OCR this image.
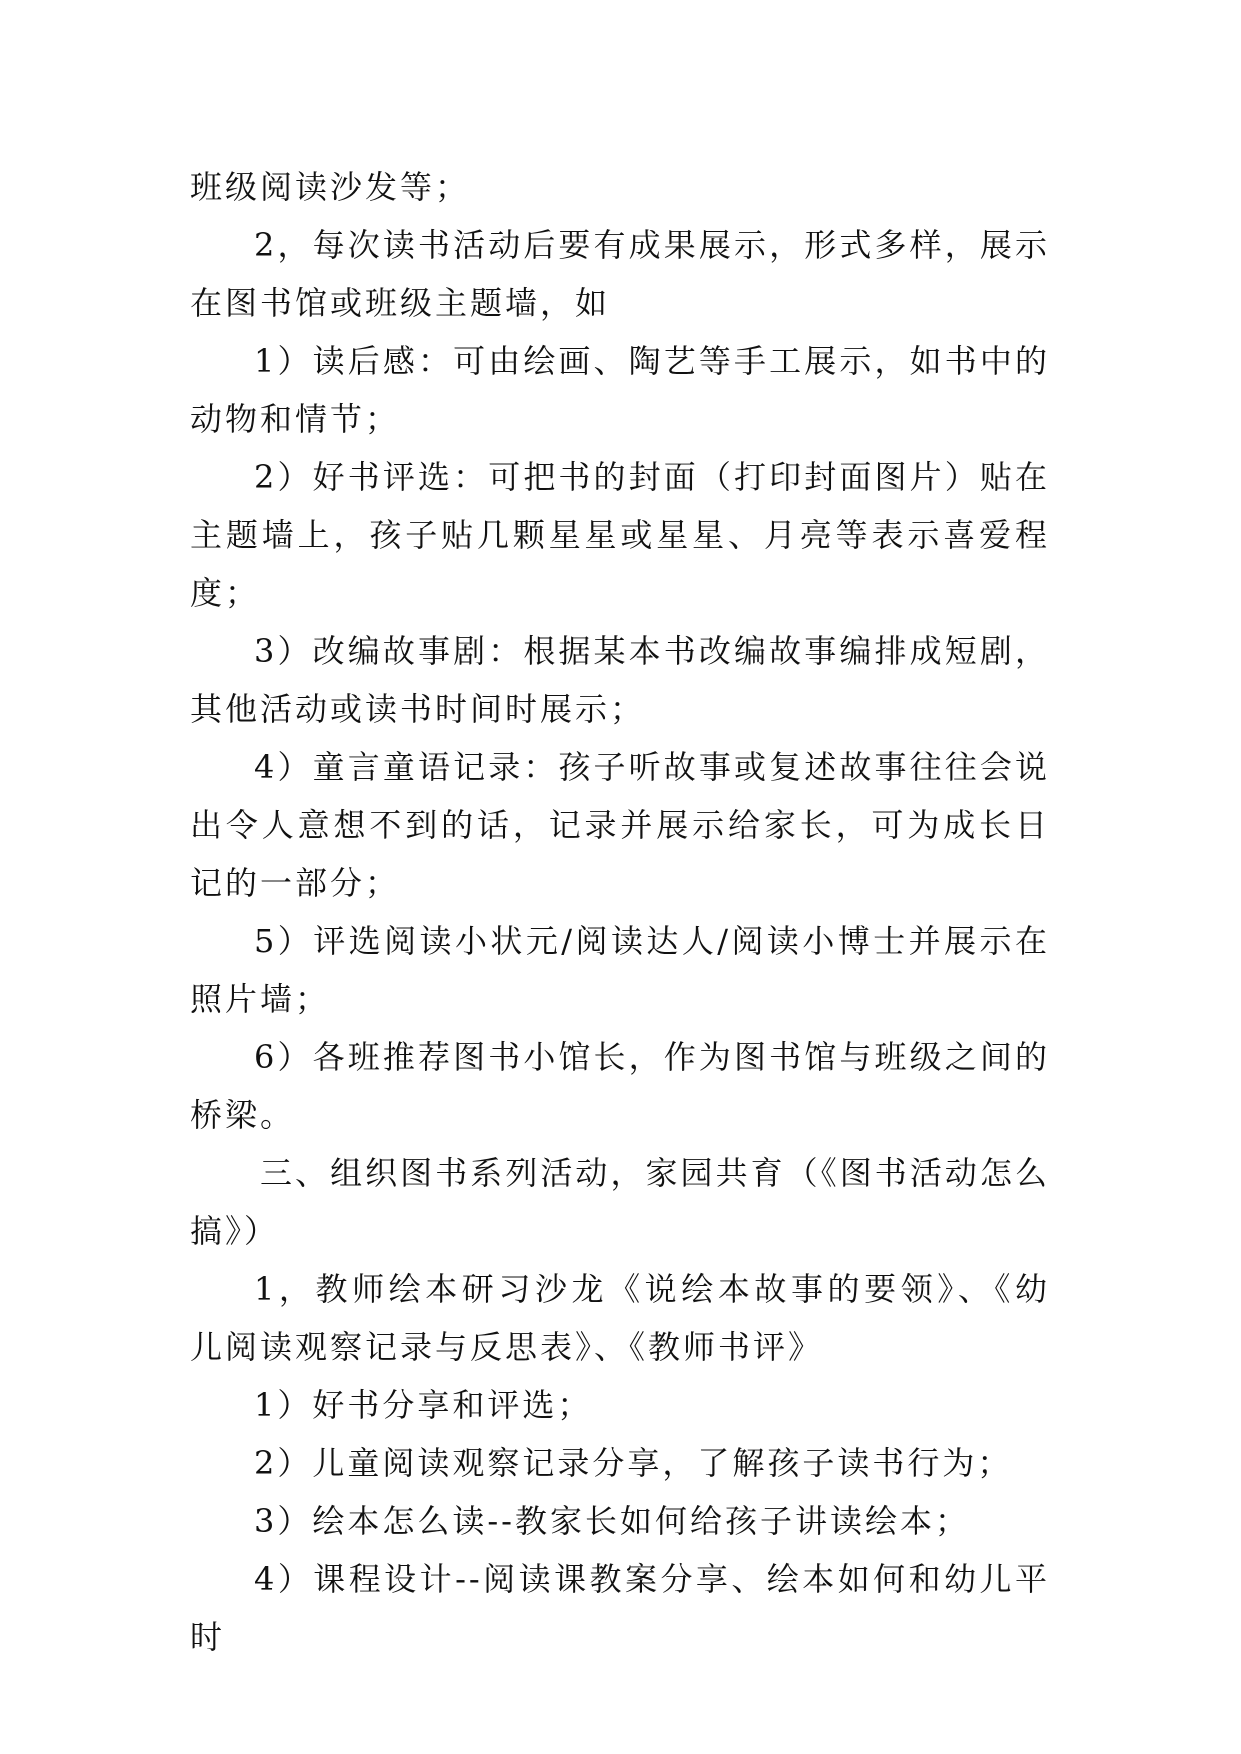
班级阅读沙发等；

2，每次读书活动后要有成果展示，形式多样，展示在图书馆或班级主题墙，如

1）读后感：可由绘画、陶艺等手工展示，如书中的动物和情节；

2）好书评选：可把书的封面（打印封面图片）贴在主题墙上，孩子贴几颗星星或星星、月亮等表示喜爱程度；

3）改编故事剧：根据某本书改编故事编排成短剧，其他活动或读书时间时展示；

4）童言童语记录：孩子听故事或复述故事往往会说出令人意想不到的话，记录并展示给家长，可为成长日记的一部分；

5）评选阅读小状元/阅读达人/阅读小博士并展示在照片墙；

6）各班推荐图书小馆长，作为图书馆与班级之间的桥梁。

三、组织图书系列活动，家园共育（《图书活动怎么搞》）

1，教师绘本研习沙龙《说绘本故事的要领》、《幼儿阅读观察记录与反思表》、《教师书评》

1）好书分享和评选；

2）儿童阅读观察记录分享，了解孩子读书行为；

3）绘本怎么读--教家长如何给孩子讲读绘本；

4）课程设计--阅读课教案分享、绘本如何和幼儿平时
